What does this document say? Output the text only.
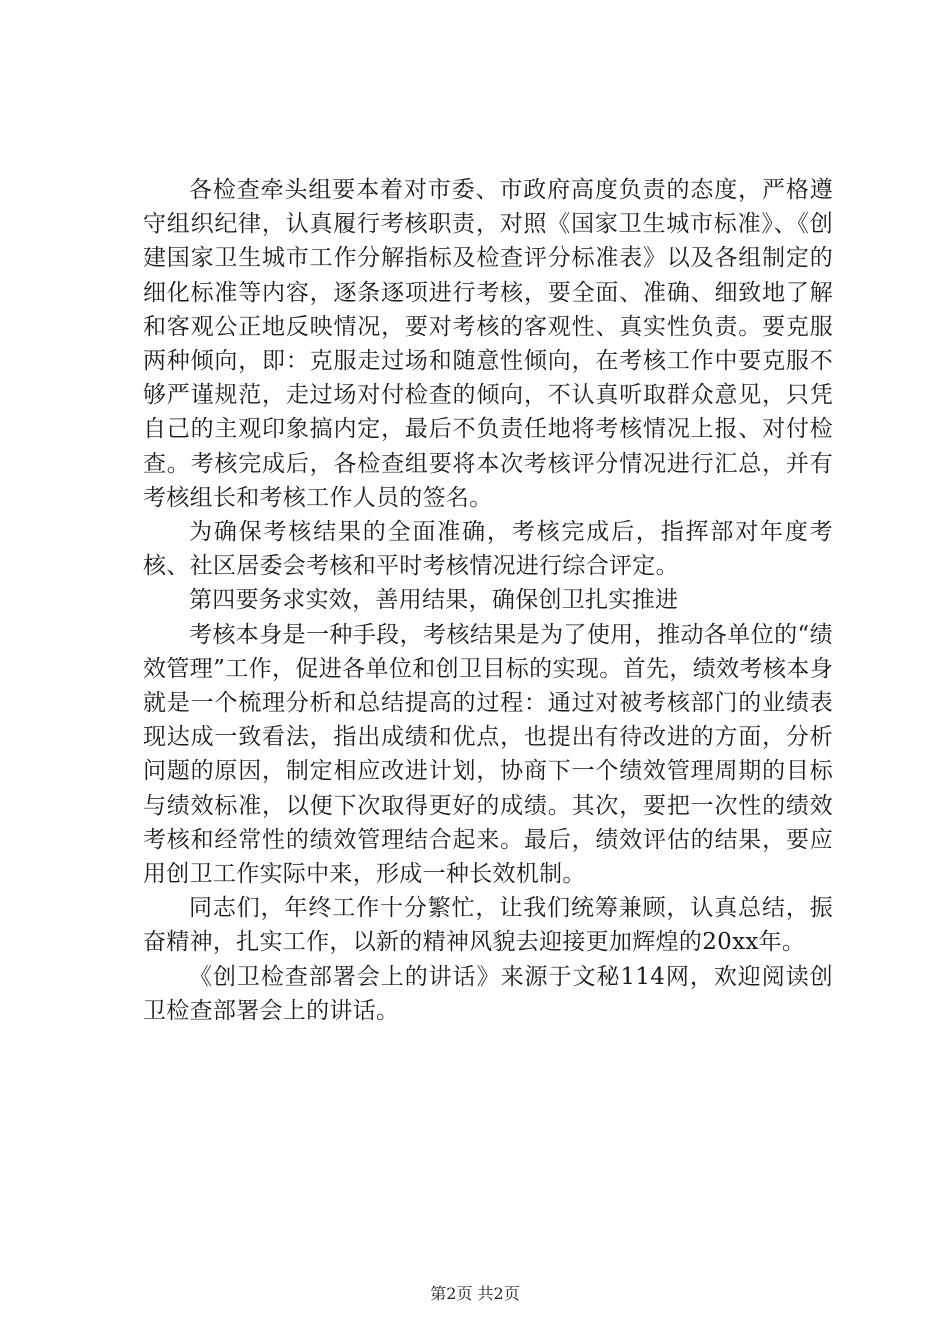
各检查牵头组要本着对市委、市政府高度负责的态度，严格遵守组织纪律，认真履行考核职责，对照《国家卫生城市标准》、《创建国家卫生城市工作分解指标及检查评分标准表》以及各组制定的细化标准等内容，逐条逐项进行考核，要全面、准确、细致地了解和客观公正地反映情况，要对考核的客观性、真实性负责。要克服两种倾向，即：克服走过场和随意性倾向，在考核工作中要克服不够严谨规范，走过场对付检查的倾向，不认真听取群众意见，只凭自己的主观印象搞内定，最后不负责任地将考核情况上报、对付检查。考核完成后，各检查组要将本次考核评分情况进行汇总，并有考核组长和考核工作人员的签名。

为确保考核结果的全面准确，考核完成后，指挥部对年度考核、社区居委会考核和平时考核情况进行综合评定。

第四要务求实效，善用结果，确保创卫扎实推进

考核本身是一种手段，考核结果是为了使用，推动各单位的“绩效管理”工作，促进各单位和创卫目标的实现。首先，绩效考核本身就是一个梳理分析和总结提高的过程：通过对被考核部门的业绩表现达成一致看法，指出成绩和优点，也提出有待改进的方面，分析问题的原因，制定相应改进计划，协商下一个绩效管理周期的目标与绩效标准，以便下次取得更好的成绩。其次，要把一次性的绩效考核和经常性的绩效管理结合起来。最后，绩效评估的结果，要应用创卫工作实际中来，形成一种长效机制。

同志们，年终工作十分繁忙，让我们统筹兼顾，认真总结，振奋精神，扎实工作，以新的精神风貌去迎接更加辉煌的20xx年。

《创卫检查部署会上的讲话》来源于文秘114网，欢迎阅读创卫检查部署会上的讲话。

第2页 共2页
